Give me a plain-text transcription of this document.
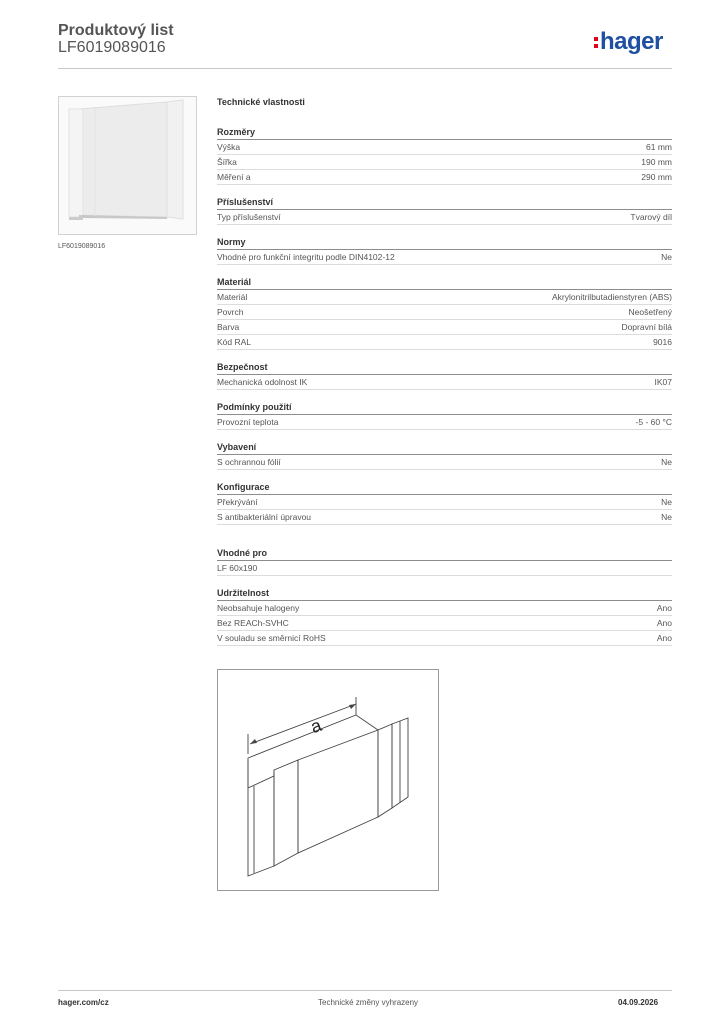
Produktový list
LF6019089016	hager
LF6019089016
Technické vlastnosti
Rozměry
Výška	61 mm
Šířka	190 mm
Měření a	290 mm
Příslušenství
Typ příslušenství	Tvarový díl
Normy
Vhodné pro funkční integritu podle DIN4102-12	Ne
Materiál
Materiál	Akrylonitrilbutadienstyren (ABS)
Povrch	Neošetřený
Barva	Dopravní bílá
Kód RAL	9016
Bezpečnost
Mechanická odolnost IK	IK07
Podmínky použití
Provozní teplota	-5 - 60 °C
Vybavení
S ochrannou fólií	Ne
Konfigurace
Překrývání	Ne
S antibakteriální úpravou	Ne
Vhodné pro
LF 60x190
Udržitelnost
Neobsahuje halogeny	Ano
Bez REACh-SVHC	Ano
V souladu se směrnicí RoHS	Ano
a
hager.com/cz	Technické změny vyhrazeny	04.09.2026
